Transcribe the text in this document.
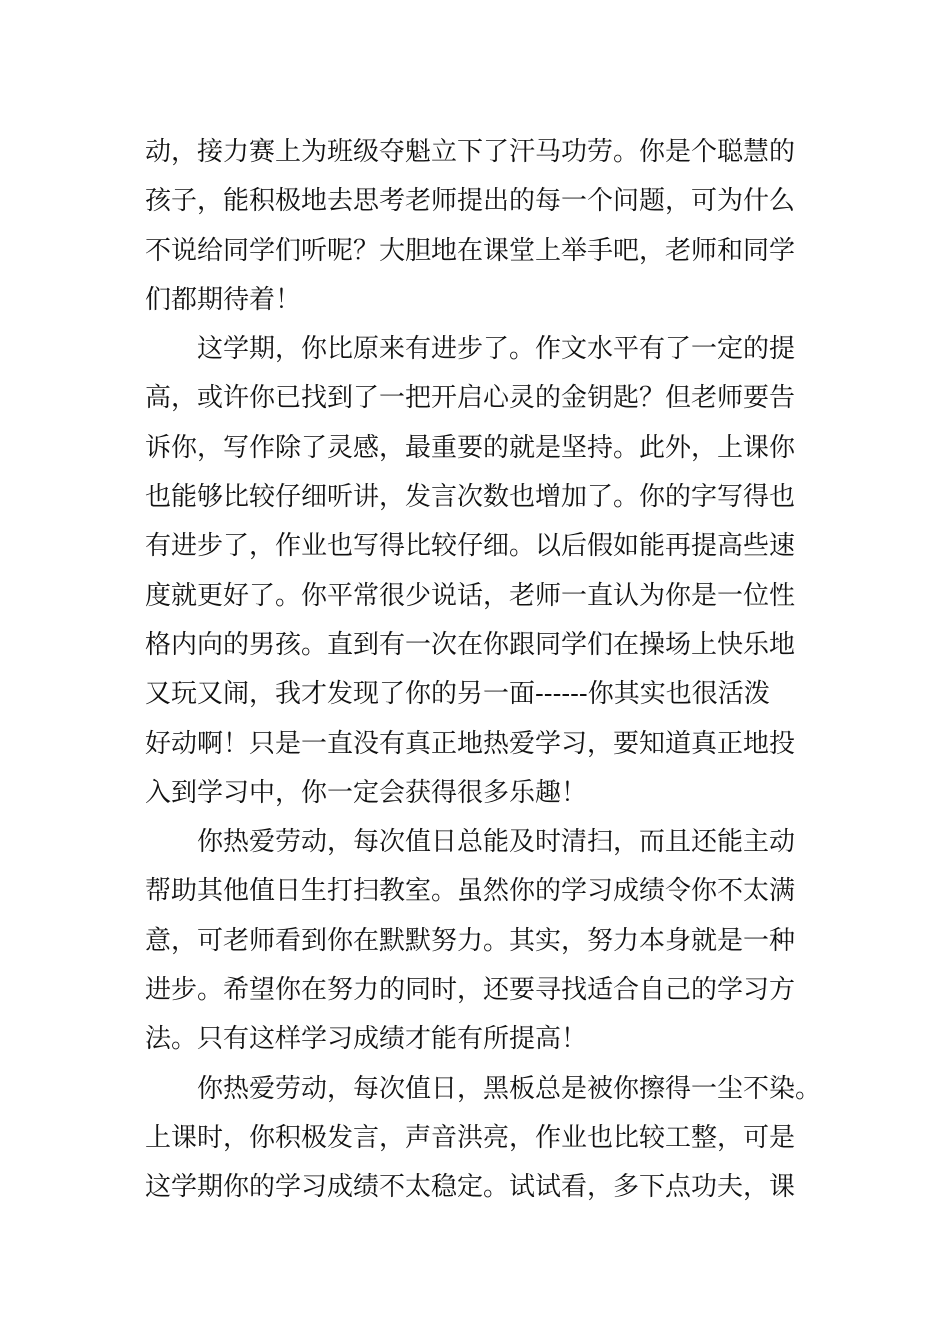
动，接力赛上为班级夺魁立下了汗马功劳。你是个聪慧的
孩子，能积极地去思考老师提出的每一个问题，可为什么
不说给同学们听呢？大胆地在课堂上举手吧，老师和同学
们都期待着！
　　这学期，你比原来有进步了。作文水平有了一定的提
高，或许你已找到了一把开启心灵的金钥匙？但老师要告
诉你，写作除了灵感，最重要的就是坚持。此外，上课你
也能够比较仔细听讲，发言次数也增加了。你的字写得也
有进步了，作业也写得比较仔细。以后假如能再提高些速
度就更好了。你平常很少说话，老师一直认为你是一位性
格内向的男孩。直到有一次在你跟同学们在操场上快乐地
又玩又闹，我才发现了你的另一面------你其实也很活泼
好动啊！只是一直没有真正地热爱学习，要知道真正地投
入到学习中，你一定会获得很多乐趣！
　　你热爱劳动，每次值日总能及时清扫，而且还能主动
帮助其他值日生打扫教室。虽然你的学习成绩令你不太满
意，可老师看到你在默默努力。其实，努力本身就是一种
进步。希望你在努力的同时，还要寻找适合自己的学习方
法。只有这样学习成绩才能有所提高！
　　你热爱劳动，每次值日，黑板总是被你擦得一尘不染。
上课时，你积极发言，声音洪亮，作业也比较工整，可是
这学期你的学习成绩不太稳定。试试看，多下点功夫，课
